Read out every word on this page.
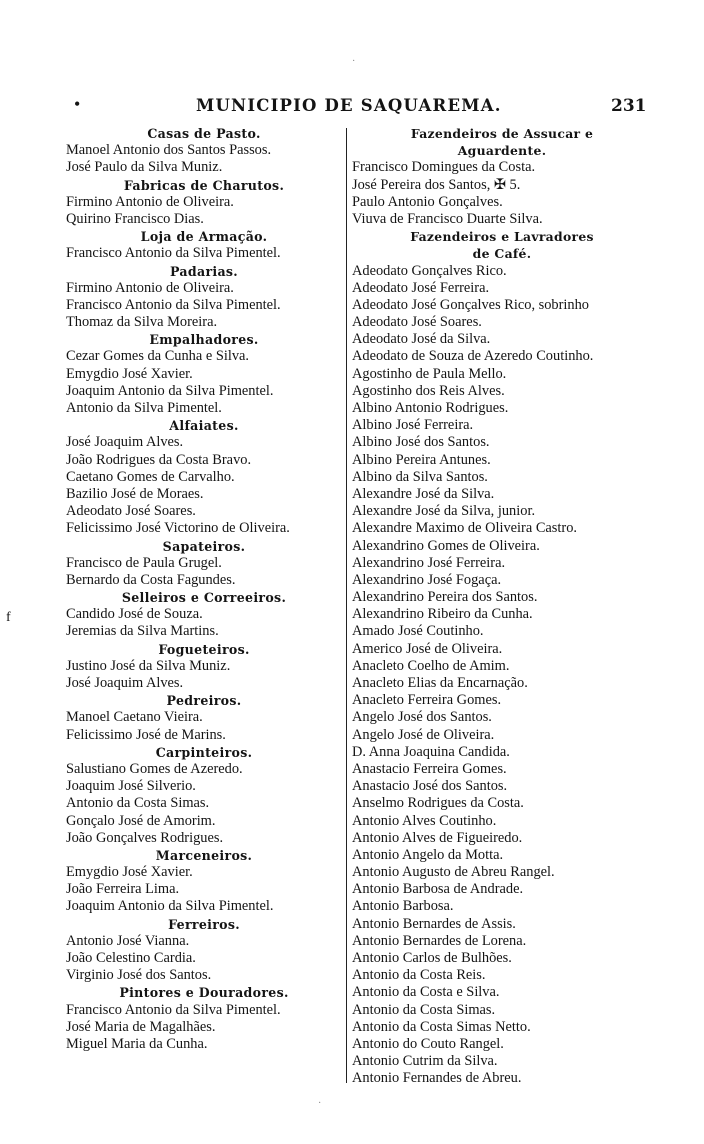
•	MUNICIPIO DE SAQUAREMA.	231
·
·
f
Casas de Pasto.
Manoel Antonio dos Santos Passos.
José Paulo da Silva Muniz.
Fabricas de Charutos.
Firmino Antonio de Oliveira.
Quirino Francisco Dias.
Loja de Armação.
Francisco Antonio da Silva Pimentel.
Padarias.
Firmino Antonio de Oliveira.
Francisco Antonio da Silva Pimentel.
Thomaz da Silva Moreira.
Empalhadores.
Cezar Gomes da Cunha e Silva.
Emygdio José Xavier.
Joaquim Antonio da Silva Pimentel.
Antonio da Silva Pimentel.
Alfaiates.
José Joaquim Alves.
João Rodrigues da Costa Bravo.
Caetano Gomes de Carvalho.
Bazilio José de Moraes.
Adeodato José Soares.
Felicissimo José Victorino de Oliveira.
Sapateiros.
Francisco de Paula Grugel.
Bernardo da Costa Fagundes.
Selleiros e Correeiros.
Candido José de Souza.
Jeremias da Silva Martins.
Fogueteiros.
Justino José da Silva Muniz.
José Joaquim Alves.
Pedreiros.
Manoel Caetano Vieira.
Felicissimo José de Marins.
Carpinteiros.
Salustiano Gomes de Azeredo.
Joaquim José Silverio.
Antonio da Costa Simas.
Gonçalo José de Amorim.
João Gonçalves Rodrigues.
Marceneiros.
Emygdio José Xavier.
João Ferreira Lima.
Joaquim Antonio da Silva Pimentel.
Ferreiros.
Antonio José Vianna.
João Celestino Cardia.
Virginio José dos Santos.
Pintores e Douradores.
Francisco Antonio da Silva Pimentel.
José Maria de Magalhães.
Miguel Maria da Cunha.
Fazendeiros de Assucar e
Aguardente.
Francisco Domingues da Costa.
José Pereira dos Santos, ✠ 5.
Paulo Antonio Gonçalves.
Viuva de Francisco Duarte Silva.
Fazendeiros e Lavradores
de Café.
Adeodato Gonçalves Rico.
Adeodato José Ferreira.
Adeodato José Gonçalves Rico, sobrinho
Adeodato José Soares.
Adeodato José da Silva.
Adeodato de Souza de Azeredo Coutinho.
Agostinho de Paula Mello.
Agostinho dos Reis Alves.
Albino Antonio Rodrigues.
Albino José Ferreira.
Albino José dos Santos.
Albino Pereira Antunes.
Albino da Silva Santos.
Alexandre José da Silva.
Alexandre José da Silva, junior.
Alexandre Maximo de Oliveira Castro.
Alexandrino Gomes de Oliveira.
Alexandrino José Ferreira.
Alexandrino José Fogaça.
Alexandrino Pereira dos Santos.
Alexandrino Ribeiro da Cunha.
Amado José Coutinho.
Americo José de Oliveira.
Anacleto Coelho de Amim.
Anacleto Elias da Encarnação.
Anacleto Ferreira Gomes.
Angelo José dos Santos.
Angelo José de Oliveira.
D. Anna Joaquina Candida.
Anastacio Ferreira Gomes.
Anastacio José dos Santos.
Anselmo Rodrigues da Costa.
Antonio Alves Coutinho.
Antonio Alves de Figueiredo.
Antonio Angelo da Motta.
Antonio Augusto de Abreu Rangel.
Antonio Barbosa de Andrade.
Antonio Barbosa.
Antonio Bernardes de Assis.
Antonio Bernardes de Lorena.
Antonio Carlos de Bulhões.
Antonio da Costa Reis.
Antonio da Costa e Silva.
Antonio da Costa Simas.
Antonio da Costa Simas Netto.
Antonio do Couto Rangel.
Antonio Cutrim da Silva.
Antonio Fernandes de Abreu.
